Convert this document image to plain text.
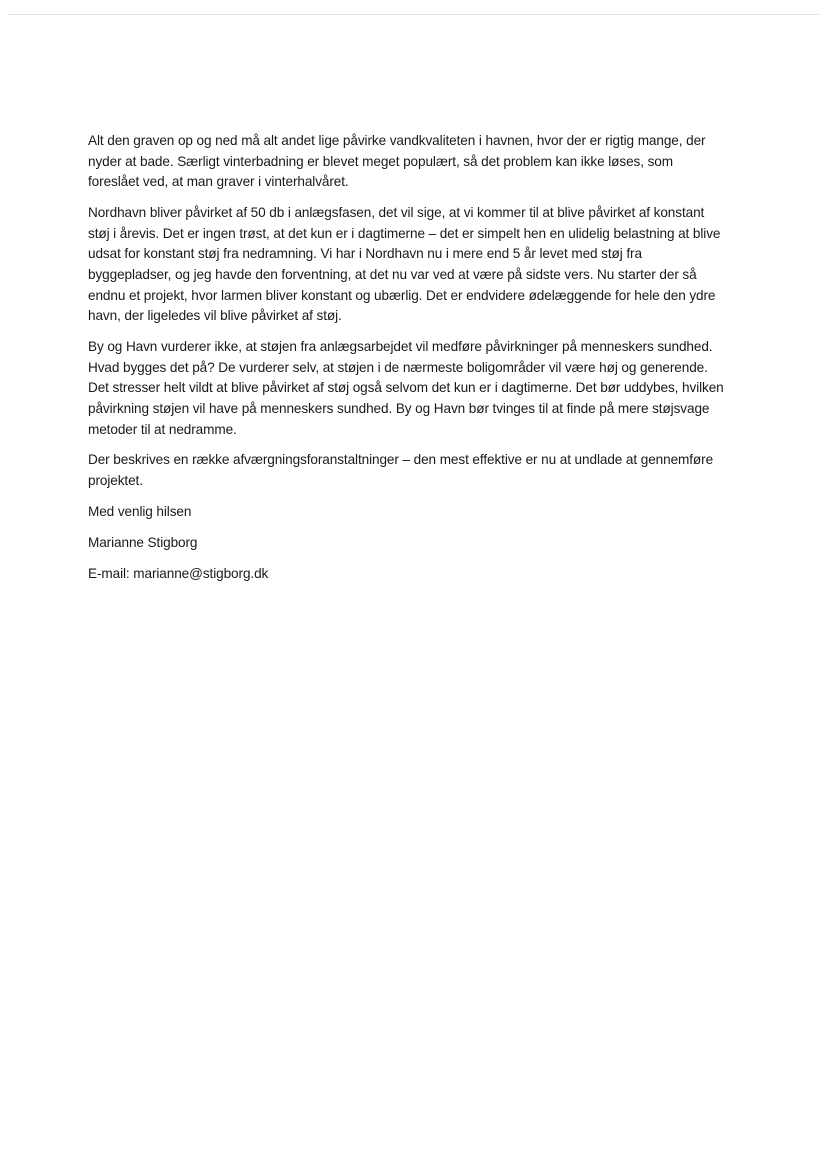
Alt den graven op og ned må alt andet lige påvirke vandkvaliteten i havnen, hvor der er rigtig mange, der
nyder at bade. Særligt vinterbadning er blevet meget populært, så det problem kan ikke løses, som
foreslået ved, at man graver i vinterhalvåret.

Nordhavn bliver påvirket af 50 db i anlægsfasen, det vil sige, at vi kommer til at blive påvirket af konstant
støj i årevis. Det er ingen trøst, at det kun er i dagtimerne – det er simpelt hen en ulidelig belastning at blive
udsat for konstant støj fra nedramning. Vi har i Nordhavn nu i mere end 5 år levet med støj fra
byggepladser, og jeg havde den forventning, at det nu var ved at være på sidste vers. Nu starter der så
endnu et projekt, hvor larmen bliver konstant og ubærlig. Det er endvidere ødelæggende for hele den ydre
havn, der ligeledes vil blive påvirket af støj.

By og Havn vurderer ikke, at støjen fra anlægsarbejdet vil medføre påvirkninger på menneskers sundhed.
Hvad bygges det på? De vurderer selv, at støjen i de nærmeste boligområder vil være høj og generende.
Det stresser helt vildt at blive påvirket af støj også selvom det kun er i dagtimerne. Det bør uddybes, hvilken
påvirkning støjen vil have på menneskers sundhed. By og Havn bør tvinges til at finde på mere støjsvage
metoder til at nedramme.

Der beskrives en række afværgningsforanstaltninger – den mest effektive er nu at undlade at gennemføre
projektet.

Med venlig hilsen

Marianne Stigborg

E-mail: marianne@stigborg.dk
